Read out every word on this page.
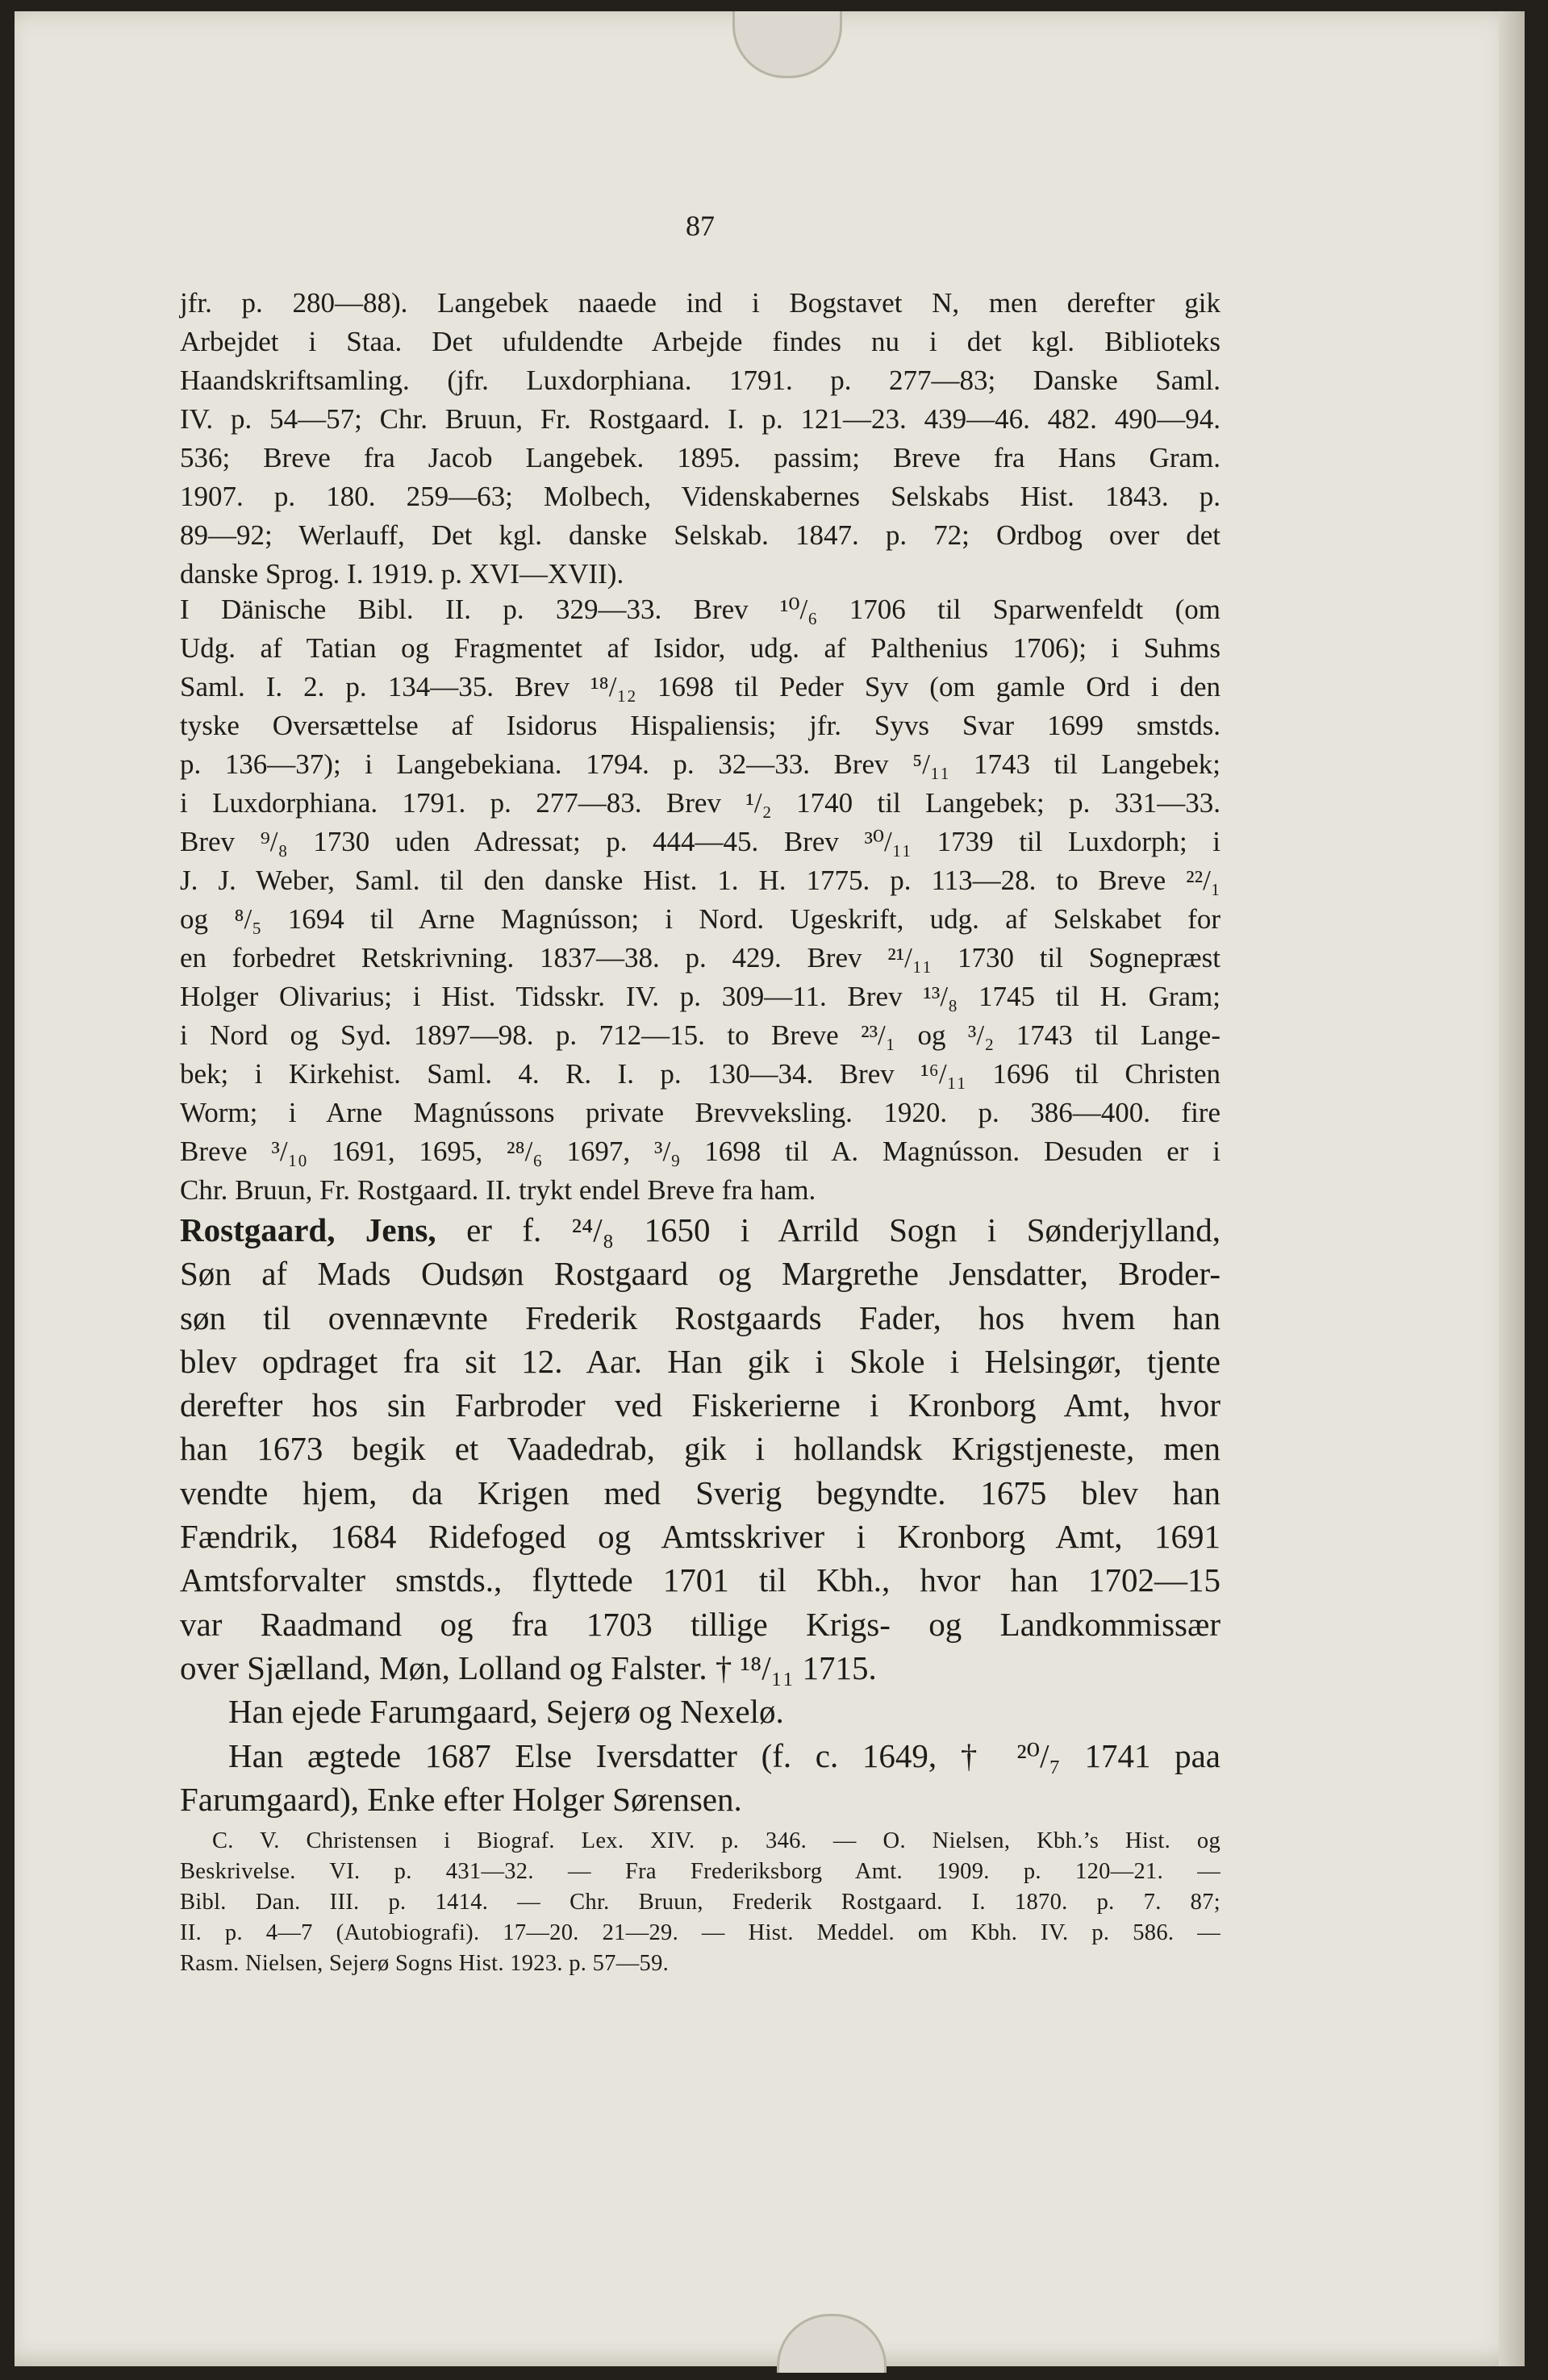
87

jfr. p. 280—88). Langebek naaede ind i Bogstavet N, men derefter gik

Arbejdet i Staa. Det ufuldendte Arbejde findes nu i det kgl. Biblioteks

Haandskriftsamling. (jfr. Luxdorphiana. 1791. p. 277—83; Danske Saml.

IV. p. 54—57; Chr. Bruun, Fr. Rostgaard. I. p. 121—23. 439—46. 482. 490—94.

536; Breve fra Jacob Langebek. 1895. passim; Breve fra Hans Gram.

1907. p. 180. 259—63; Molbech, Videnskabernes Selskabs Hist. 1843. p.

89—92; Werlauff, Det kgl. danske Selskab. 1847. p. 72; Ordbog over det

danske Sprog. I. 1919. p. XVI—XVII).

I Dänische Bibl. II. p. 329—33. Brev ¹⁰/₆ 1706 til Sparwenfeldt (om

Udg. af Tatian og Fragmentet af Isidor, udg. af Palthenius 1706); i Suhms

Saml. I. 2. p. 134—35. Brev ¹⁸/₁₂ 1698 til Peder Syv (om gamle Ord i den

tyske Oversættelse af Isidorus Hispaliensis; jfr. Syvs Svar 1699 smstds.

p. 136—37); i Langebekiana. 1794. p. 32—33. Brev ⁵/₁₁ 1743 til Langebek;

i Luxdorphiana. 1791. p. 277—83. Brev ¹/₂ 1740 til Langebek; p. 331—33.

Brev ⁹/₈ 1730 uden Adressat; p. 444—45. Brev ³⁰/₁₁ 1739 til Luxdorph; i

J. J. Weber, Saml. til den danske Hist. 1. H. 1775. p. 113—28. to Breve ²²/₁

og ⁸/₅ 1694 til Arne Magnússon; i Nord. Ugeskrift, udg. af Selskabet for

en forbedret Retskrivning. 1837—38. p. 429. Brev ²¹/₁₁ 1730 til Sognepræst

Holger Olivarius; i Hist. Tidsskr. IV. p. 309—11. Brev ¹³/₈ 1745 til H. Gram;

i Nord og Syd. 1897—98. p. 712—15. to Breve ²³/₁ og ³/₂ 1743 til Lange-

bek; i Kirkehist. Saml. 4. R. I. p. 130—34. Brev ¹⁶/₁₁ 1696 til Christen

Worm; i Arne Magnússons private Brevveksling. 1920. p. 386—400. fire

Breve ³/₁₀ 1691, 1695, ²⁸/₆ 1697, ³/₉ 1698 til A. Magnússon. Desuden er i

Chr. Bruun, Fr. Rostgaard. II. trykt endel Breve fra ham.

Rostgaard, Jens, er f. ²⁴/₈ 1650 i Arrild Sogn i Sønderjylland,

Søn af Mads Oudsøn Rostgaard og Margrethe Jensdatter, Broder-

søn til ovennævnte Frederik Rostgaards Fader, hos hvem han

blev opdraget fra sit 12. Aar. Han gik i Skole i Helsingør, tjente

derefter hos sin Farbroder ved Fiskerierne i Kronborg Amt, hvor

han 1673 begik et Vaadedrab, gik i hollandsk Krigstjeneste, men

vendte hjem, da Krigen med Sverig begyndte. 1675 blev han

Fændrik, 1684 Ridefoged og Amtsskriver i Kronborg Amt, 1691

Amtsforvalter smstds., flyttede 1701 til Kbh., hvor han 1702—15

var Raadmand og fra 1703 tillige Krigs- og Landkommissær

over Sjælland, Møn, Lolland og Falster. † ¹⁸/₁₁ 1715.

Han ejede Farumgaard, Sejerø og Nexelø.

Han ægtede 1687 Else Iversdatter (f. c. 1649, † ²⁰/₇ 1741 paa

Farumgaard), Enke efter Holger Sørensen.

C. V. Christensen i Biograf. Lex. XIV. p. 346. — O. Nielsen, Kbh.’s Hist. og

Beskrivelse. VI. p. 431—32. — Fra Frederiksborg Amt. 1909. p. 120—21. —

Bibl. Dan. III. p. 1414. — Chr. Bruun, Frederik Rostgaard. I. 1870. p. 7. 87;

II. p. 4—7 (Autobiografi). 17—20. 21—29. — Hist. Meddel. om Kbh. IV. p. 586. —

Rasm. Nielsen, Sejerø Sogns Hist. 1923. p. 57—59.
